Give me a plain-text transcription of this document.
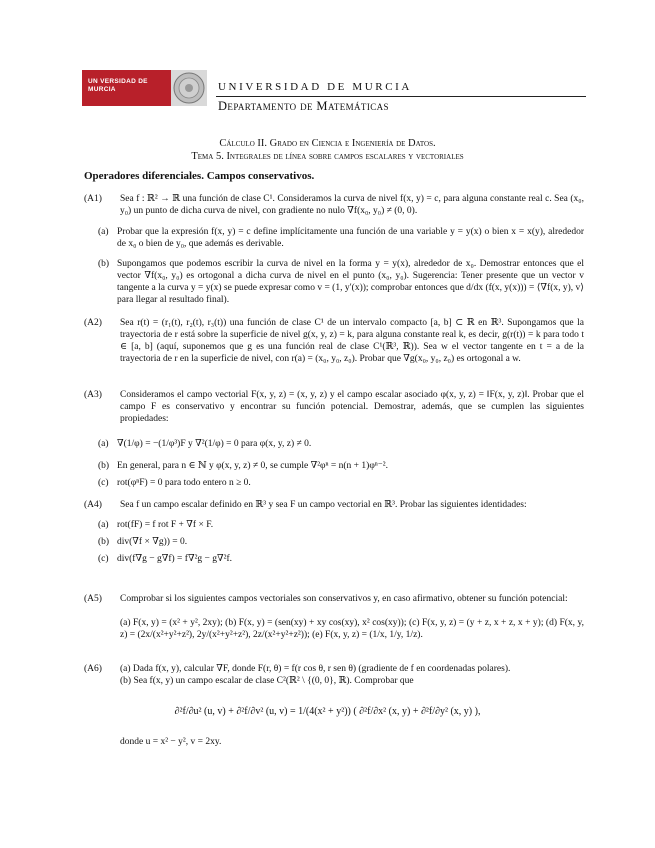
UN VERSIDAD DE
MURCIA	UNIVERSIDAD DE MURCIA
Departamento de Matemáticas
Cálculo II. Grado en Ciencia e Ingeniería de Datos.
Tema 5. Integrales de línea sobre campos escalares y vectoriales
Operadores diferenciales. Campos conservativos.
(A1) Sea f : ℝ² → ℝ una función de clase C¹. Consideramos la curva de nivel f(x, y) = c, para alguna constante real c. Sea (x₀, y₀) un punto de dicha curva de nivel, con gradiente no nulo ∇f(x₀, y₀) ≠ (0, 0).
(a) Probar que la expresión f(x, y) = c define implícitamente una función de una variable y = y(x) o bien x = x(y), alrededor de x₀ o bien de y₀, que además es derivable.
(b) Supongamos que podemos escribir la curva de nivel en la forma y = y(x), alrededor de x₀. Demostrar entonces que el vector ∇f(x₀, y₀) es ortogonal a dicha curva de nivel en el punto (x₀, y₀). Sugerencia: Tener presente que un vector v tangente a la curva y = y(x) se puede expresar como v = (1, y′(x)); comprobar entonces que d/dx (f(x, y(x))) = ⟨∇f(x, y), v⟩ para llegar al resultado final).
(A2) Sea r(t) = (r₁(t), r₂(t), r₃(t)) una función de clase C¹ de un intervalo compacto [a, b] ⊂ ℝ en ℝ³. Supongamos que la trayectoria de r está sobre la superficie de nivel g(x, y, z) = k, para alguna constante real k, es decir, g(r(t)) = k para todo t ∈ [a, b] (aquí, suponemos que g es una función real de clase C¹(ℝ³, ℝ)). Sea w el vector tangente en t = a de la trayectoria de r en la superficie de nivel, con r(a) = (x₀, y₀, z₀). Probar que ∇g(x₀, y₀, z₀) es ortogonal a w.
(A3) Consideramos el campo vectorial F(x, y, z) = (x, y, z) y el campo escalar asociado φ(x, y, z) = ‖F(x, y, z)‖. Probar que el campo F es conservativo y encontrar su función potencial. Demostrar, además, que se cumplen las siguientes propiedades:
(a) ∇(1/φ) = −(1/φ³)F y ∇²(1/φ) = 0 para φ(x, y, z) ≠ 0.
(b) En general, para n ∈ ℕ y φ(x, y, z) ≠ 0, se cumple ∇²φⁿ = n(n + 1)φⁿ⁻².
(c) rot(φⁿF) = 0 para todo entero n ≥ 0.
(A4) Sea f un campo escalar definido en ℝ³ y sea F un campo vectorial en ℝ³. Probar las siguientes identidades:
(a) rot(fF) = f rot F + ∇f × F.
(b) div(∇f × ∇g)) = 0.
(c) div(f∇g − g∇f) = f∇²g − g∇²f.
(A5) Comprobar si los siguientes campos vectoriales son conservativos y, en caso afirmativo, obtener su función potencial:
(a) F(x, y) = (x² + y², 2xy); (b) F(x, y) = (sen(xy) + xy cos(xy), x² cos(xy)); (c) F(x, y, z) = (y + z, x + z, x + y); (d) F(x, y, z) = (2x/(x²+y²+z²), 2y/(x²+y²+z²), 2z/(x²+y²+z²)); (e) F(x, y, z) = (1/x, 1/y, 1/z).
(A6) (a) Dada f(x, y), calcular ∇F, donde F(r, θ) = f(r cos θ, r sen θ) (gradiente de f en coordenadas polares).
(b) Sea f(x, y) un campo escalar de clase C²(ℝ² \ {(0, 0}, ℝ). Comprobar que
∂²f/∂u² (u, v) + ∂²f/∂v² (u, v) = 1/(4(x² + y²)) ( ∂²f/∂x² (x, y) + ∂²f/∂y² (x, y) ),
donde u = x² − y², v = 2xy.
